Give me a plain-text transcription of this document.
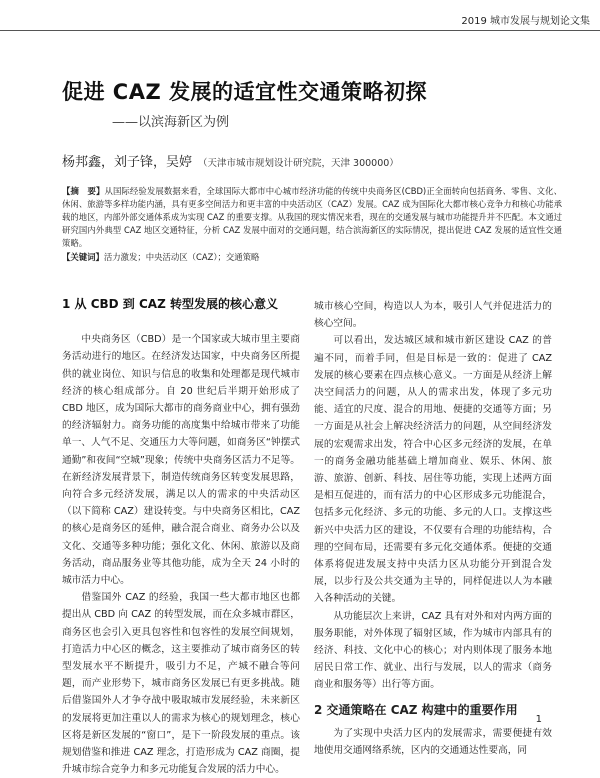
2019 城市发展与规划论文集
促进 CAZ 发展的适宜性交通策略初探
——以滨海新区为例
杨邦鑫，刘子锋，吴婷 （天津市城市规划设计研究院，天津 300000）
【摘　要】从国际经验发展数据来看，全球国际大都市中心城市经济功能的传统中央商务区(CBD)正全面转向包括商务、零售、文化、休闲、旅游等多样功能内涵，具有更多空间活力和更丰富的中央活动区（CAZ）发展。CAZ 成为国际化大都市核心竞争力和核心功能承载的地区，内部外部交通体系成为实现 CAZ 的重要支撑。从我国的现实情况来看，现在的交通发展与城市功能提升并不匹配。本文通过研究国内外典型 CAZ 地区交通特征，分析 CAZ 发展中面对的交通问题，结合滨海新区的实际情况，提出促进 CAZ 发展的适宜性交通策略。
【关键词】活力激发；中央活动区（CAZ）；交通策略
1 从 CBD 到 CAZ 转型发展的核心意义

中央商务区（CBD）是一个国家或大城市里主要商务活动进行的地区。在经济发达国家，中央商务区所提供的就业岗位、知识与信息的收集和处理都是现代城市经济的核心组成部分。自 20 世纪后半期开始形成了 CBD 地区，成为国际大都市的商务商业中心，拥有强劲的经济辐射力。商务功能的高度集中给城市带来了功能单一、人气不足、交通压力大等问题，如商务区“钟摆式通勤”和夜间“空城”现象；传统中央商务区活力不足等。在新经济发展背景下，制造传统商务区转变发展思路，向符合多元经济发展，满足以人的需求的中央活动区（以下简称 CAZ）建设转变。与中央商务区相比，CAZ 的核心是商务区的延伸，融合混合商业、商务办公以及文化、交通等多种功能；强化文化、休闲、旅游以及商务活动，商品服务业等其他功能，成为全天 24 小时的城市活力中心。

借鉴国外 CAZ 的经验，我国一些大都市地区也都提出从 CBD 向 CAZ 的转型发展，而在众多城市群区，商务区也会引入更具包容性和包容性的发展空间规划，打造活力中心区的概念，这主要推动了城市商务区的转型发展水平不断提升，吸引力不足，产城不融合等问题，而产业形势下，城市商务区发展已有更多挑战。随后借鉴国外人才争夺战中吸取城市发展经验，未来新区的发展将更加注重以人的需求为核心的规划理念，核心区将是新区发展的“窗口”，是下一阶段发展的重点。该规划借鉴和推进 CAZ 理念，打造形成为 CAZ 商圈，提升城市综合竞争力和多元功能复合发展的活力中心。

城市核心空间，构造以人为本，吸引人气并促进活力的核心空间。

可以看出，发达城区域和城市新区建设 CAZ 的普遍不同，而着手同，但是目标是一致的：促进了 CAZ 发展的核心要素在四点核心意义。一方面是从经济上解决空间活力的问题，从人的需求出发，体现了多元功能、适宜的尺度、混合的用地、便捷的交通等方面；另一方面是从社会上解决经济活力的问题，从空间经济发展的宏观需求出发，符合中心区多元经济的发展，在单一的商务金融功能基础上增加商业、娱乐、休闲、旅游、旅游、创新、科技、居住等功能，实现上述两方面是相互促进的，而有活力的中心区形成多元功能混合，包括多元化经济、多元的功能、多元的人口。支撑这些新兴中央活力区的建设，不仅要有合理的功能结构，合理的空间布局，还需要有多元化交通体系。便捷的交通体系将促进发展支持中央活力区从功能分开到混合发展，以步行及公共交通为主导的，同样促进以人为本融入各种活动的关键。

从功能层次上来讲，CAZ 具有对外和对内两方面的服务职能，对外体现了辐射区域，作为城市内部具有的经济、科技、文化中心的核心；对内则体现了服务本地居民日常工作、就业、出行与发展，以人的需求（商务商业和服务等）出行等方面。

2 交通策略在 CAZ 构建中的重要作用

为了实现中央活力区内的发展需求，需要便捷有效地使用交通网络系统，区内的交通通达性要高，同

1
